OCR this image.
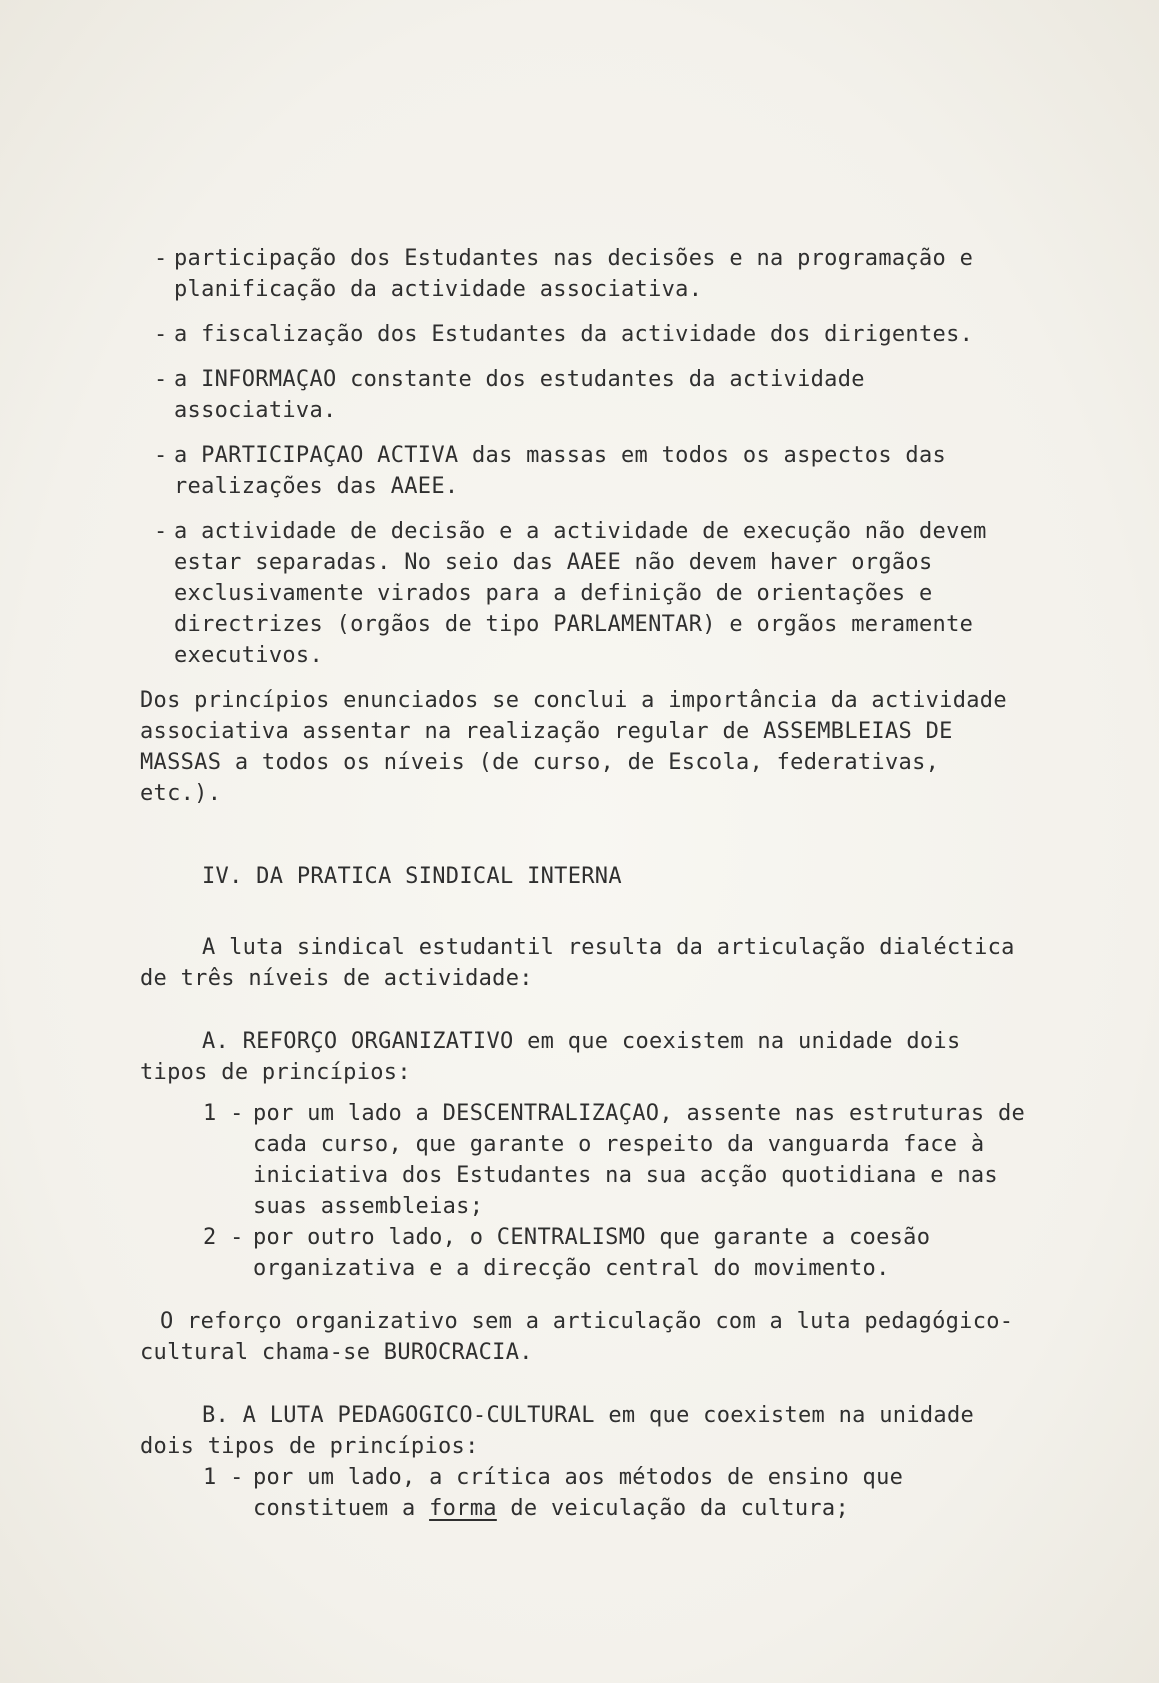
- participação dos Estudantes nas decisões e na programação e planificação da actividade associativa.
- a fiscalização dos Estudantes da actividade dos dirigentes.
- a INFORMAÇAO constante dos estudantes da actividade associativa.
- a PARTICIPAÇAO ACTIVA das massas em todos os aspectos das realizações das AAEE.
- a actividade de decisão e a actividade de execução não devem estar separadas. No seio das AAEE não devem haver orgãos exclusivamente virados para a definição de orientações e directrizes (orgãos de tipo PARLAMENTAR) e orgãos meramente executivos.

Dos princípios enunciados se conclui a importância da actividade associativa assentar na realização regular de ASSEMBLEIAS DE MASSAS a todos os níveis (de curso, de Escola, federativas, etc.).

IV. DA PRATICA SINDICAL INTERNA

A luta sindical estudantil resulta da articulação dialéctica de três níveis de actividade:

A. REFORÇO ORGANIZATIVO em que coexistem na unidade dois tipos de princípios:

1 - por um lado a DESCENTRALIZAÇAO, assente nas estruturas de cada curso, que garante o respeito da vanguarda face à iniciativa dos Estudantes na sua acção quotidiana e nas suas assembleias;
2 - por outro lado, o CENTRALISMO que garante a coesão organizativa e a direcção central do movimento.

O reforço organizativo sem a articulação com a luta pedagógico-cultural chama-se BUROCRACIA.

B. A LUTA PEDAGOGICO-CULTURAL em que coexistem na unidade dois tipos de princípios:

1 - por um lado, a crítica aos métodos de ensino que constituem a forma de veiculação da cultura;
